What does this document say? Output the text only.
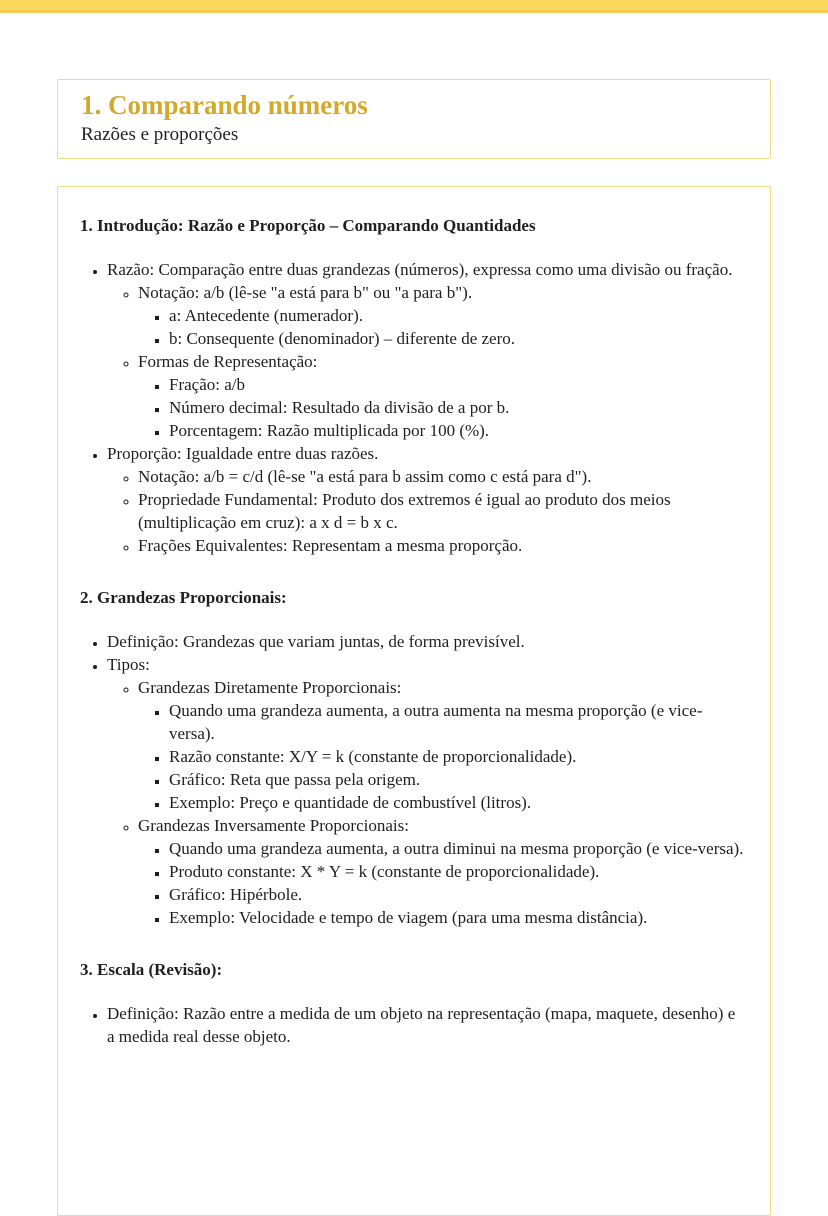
1. Comparando números

Razões e proporções

1. Introdução: Razão e Proporção – Comparando Quantidades
• Razão: Comparação entre duas grandezas (números), expressa como uma divisão ou fração.
◦ Notação: a/b (lê-se "a está para b" ou "a para b").
▪ a: Antecedente (numerador).
▪ b: Consequente (denominador) – diferente de zero.
◦ Formas de Representação:
▪ Fração: a/b
▪ Número decimal: Resultado da divisão de a por b.
▪ Porcentagem: Razão multiplicada por 100 (%).
• Proporção: Igualdade entre duas razões.
◦ Notação: a/b = c/d (lê-se "a está para b assim como c está para d").
◦ Propriedade Fundamental: Produto dos extremos é igual ao produto dos meios (multiplicação em cruz): a x d = b x c.
◦ Frações Equivalentes: Representam a mesma proporção.
2. Grandezas Proporcionais:
• Definição: Grandezas que variam juntas, de forma previsível.
• Tipos:
◦ Grandezas Diretamente Proporcionais:
▪ Quando uma grandeza aumenta, a outra aumenta na mesma proporção (e vice-versa).
▪ Razão constante: X/Y = k (constante de proporcionalidade).
▪ Gráfico: Reta que passa pela origem.
▪ Exemplo: Preço e quantidade de combustível (litros).
◦ Grandezas Inversamente Proporcionais:
▪ Quando uma grandeza aumenta, a outra diminui na mesma proporção (e vice-versa).
▪ Produto constante: X * Y = k (constante de proporcionalidade).
▪ Gráfico: Hipérbole.
▪ Exemplo: Velocidade e tempo de viagem (para uma mesma distância).
3. Escala (Revisão):
• Definição: Razão entre a medida de um objeto na representação (mapa, maquete, desenho) e a medida real desse objeto.
